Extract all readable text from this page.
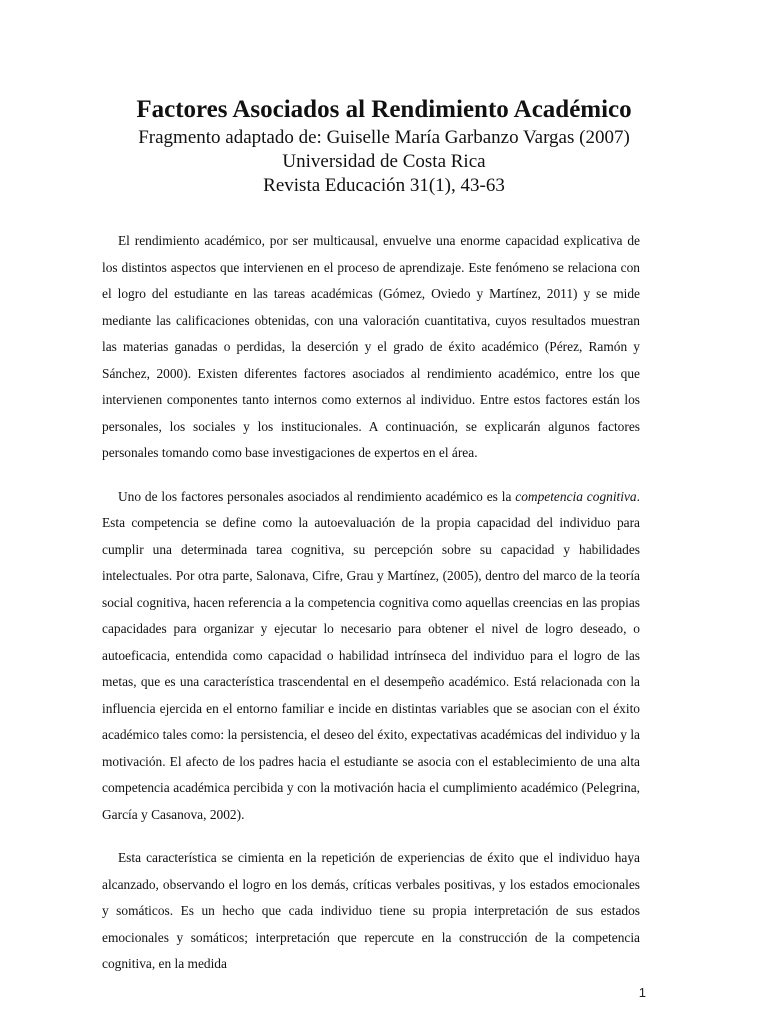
Factores Asociados al Rendimiento Académico

Fragmento adaptado de: Guiselle María Garbanzo Vargas (2007)

Universidad de Costa Rica

Revista Educación 31(1), 43-63

El rendimiento académico, por ser multicausal, envuelve una enorme capacidad explicativa de los distintos aspectos que intervienen en el proceso de aprendizaje. Este fenómeno se relaciona con el logro del estudiante en las tareas académicas (Gómez, Oviedo y Martínez, 2011) y se mide mediante las calificaciones obtenidas, con una valoración cuantitativa, cuyos resultados muestran las materias ganadas o perdidas, la deserción y el grado de éxito académico (Pérez, Ramón y Sánchez, 2000). Existen diferentes factores asociados al rendimiento académico, entre los que intervienen componentes tanto internos como externos al individuo. Entre estos factores están los personales, los sociales y los institucionales. A continuación, se explicarán algunos factores personales tomando como base investigaciones de expertos en el área.

Uno de los factores personales asociados al rendimiento académico es la competencia cognitiva. Esta competencia se define como la autoevaluación de la propia capacidad del individuo para cumplir una determinada tarea cognitiva, su percepción sobre su capacidad y habilidades intelectuales. Por otra parte, Salonava, Cifre, Grau y Martínez, (2005), dentro del marco de la teoría social cognitiva, hacen referencia a la competencia cognitiva como aquellas creencias en las propias capacidades para organizar y ejecutar lo necesario para obtener el nivel de logro deseado, o autoeficacia, entendida como capacidad o habilidad intrínseca del individuo para el logro de las metas, que es una característica trascendental en el desempeño académico. Está relacionada con la influencia ejercida en el entorno familiar e incide en distintas variables que se asocian con el éxito académico tales como: la persistencia, el deseo del éxito, expectativas académicas del individuo y la motivación. El afecto de los padres hacia el estudiante se asocia con el establecimiento de una alta competencia académica percibida y con la motivación hacia el cumplimiento académico (Pelegrina, García y Casanova, 2002).

Esta característica se cimienta en la repetición de experiencias de éxito que el individuo haya alcanzado, observando el logro en los demás, críticas verbales positivas, y los estados emocionales y somáticos. Es un hecho que cada individuo tiene su propia interpretación de sus estados emocionales y somáticos; interpretación que repercute en la construcción de la competencia cognitiva, en la medida

1
